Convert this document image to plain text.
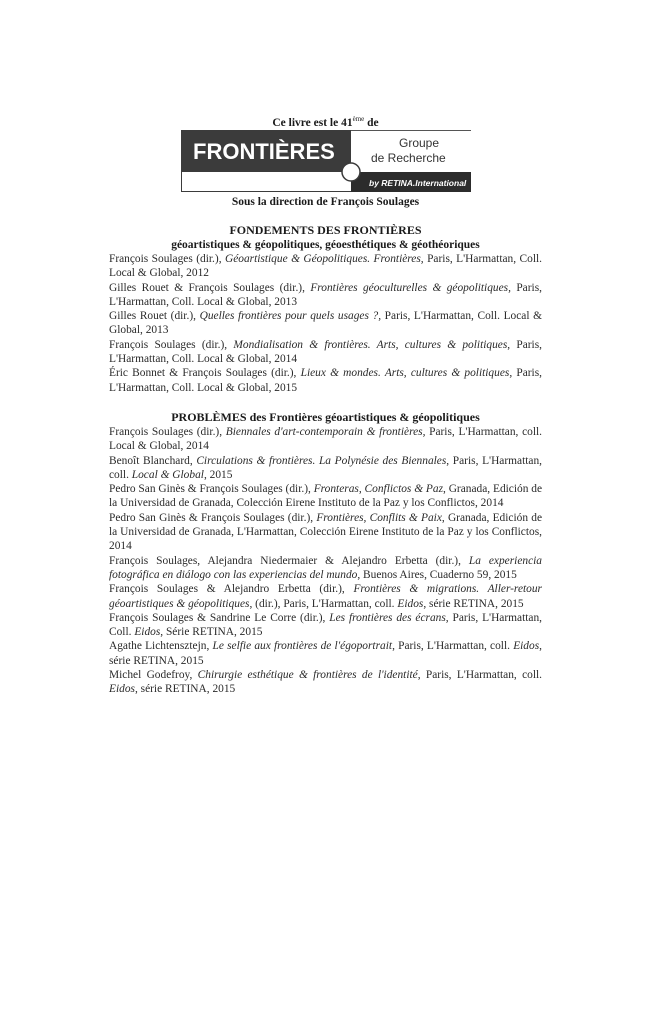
Ce livre est le 41ème de
FRONTIÈRES	Groupe
de Recherche
by RETINA.International
Sous la direction de François Soulages
FONDEMENTS DES FRONTIÈRES
géoartistiques & géopolitiques, géoesthétiques & géothéoriques
François Soulages (dir.), Géoartistique & Géopolitiques. Frontières, Paris, L'Harmattan, Coll. Local & Global, 2012
Gilles Rouet & François Soulages (dir.), Frontières géoculturelles & géopolitiques, Paris, L'Harmattan, Coll. Local & Global, 2013
Gilles Rouet (dir.), Quelles frontières pour quels usages ?, Paris, L'Harmattan, Coll. Local & Global, 2013
François Soulages (dir.), Mondialisation & frontières. Arts, cultures & politiques, Paris, L'Harmattan, Coll. Local & Global, 2014
Éric Bonnet & François Soulages (dir.), Lieux & mondes. Arts, cultures & politiques, Paris, L'Harmattan, Coll. Local & Global, 2015
PROBLÈMES des Frontières géoartistiques & géopolitiques
François Soulages (dir.), Biennales d'art-contemporain & frontières, Paris, L'Harmattan, coll. Local & Global, 2014
Benoît Blanchard, Circulations & frontières. La Polynésie des Biennales, Paris, L'Harmattan, coll. Local & Global, 2015
Pedro San Ginès & François Soulages (dir.), Fronteras, Conflictos & Paz, Granada, Edición de la Universidad de Granada, Colección Eirene Instituto de la Paz y los Conflictos, 2014
Pedro San Ginès & François Soulages (dir.), Frontières, Conflits & Paix, Granada, Edición de la Universidad de Granada, L'Harmattan, Colección Eirene Instituto de la Paz y los Conflictos, 2014
François Soulages, Alejandra Niedermaier & Alejandro Erbetta (dir.), La experiencia fotográfica en diálogo con las experiencias del mundo, Buenos Aires, Cuaderno 59, 2015
François Soulages & Alejandro Erbetta (dir.), Frontières & migrations. Aller-retour géoartistiques & géopolitiques, (dir.), Paris, L'Harmattan, coll. Eidos, série RETINA, 2015
François Soulages & Sandrine Le Corre (dir.), Les frontières des écrans, Paris, L'Harmattan, Coll. Eidos, Série RETINA, 2015
Agathe Lichtensztejn, Le selfie aux frontières de l'égoportrait, Paris, L'Harmattan, coll. Eidos, série RETINA, 2015
Michel Godefroy, Chirurgie esthétique & frontières de l'identité, Paris, L'Harmattan, coll. Eidos, série RETINA, 2015
